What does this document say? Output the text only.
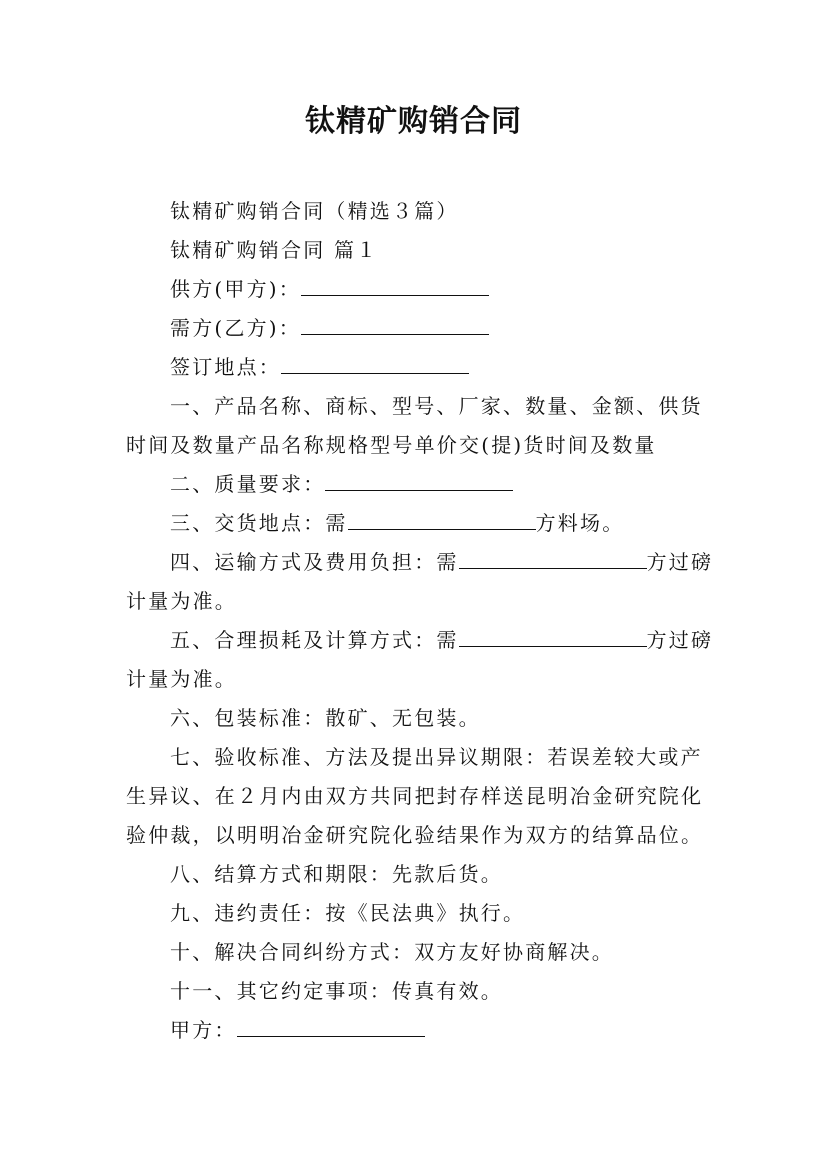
钛精矿购销合同

钛精矿购销合同（精选３篇）

钛精矿购销合同 篇１

供方(甲方)：

需方(乙方)：

签订地点：

一、产品名称、商标、型号、厂家、数量、金额、供货时间及数量产品名称规格型号单价交(提)货时间及数量

二、质量要求：

三、交货地点：需	方料场。

四、运输方式及费用负担：需	方过磅计量为准。

五、合理损耗及计算方式：需	方过磅计量为准。

六、包装标准：散矿、无包装。

七、验收标准、方法及提出异议期限：若误差较大或产生异议、在２月内由双方共同把封存样送昆明冶金研究院化验仲裁，以明明冶金研究院化验结果作为双方的结算品位。

八、结算方式和期限：先款后货。

九、违约责任：按《民法典》执行。

十、解决合同纠纷方式：双方友好协商解决。

十一、其它约定事项：传真有效。

甲方：
